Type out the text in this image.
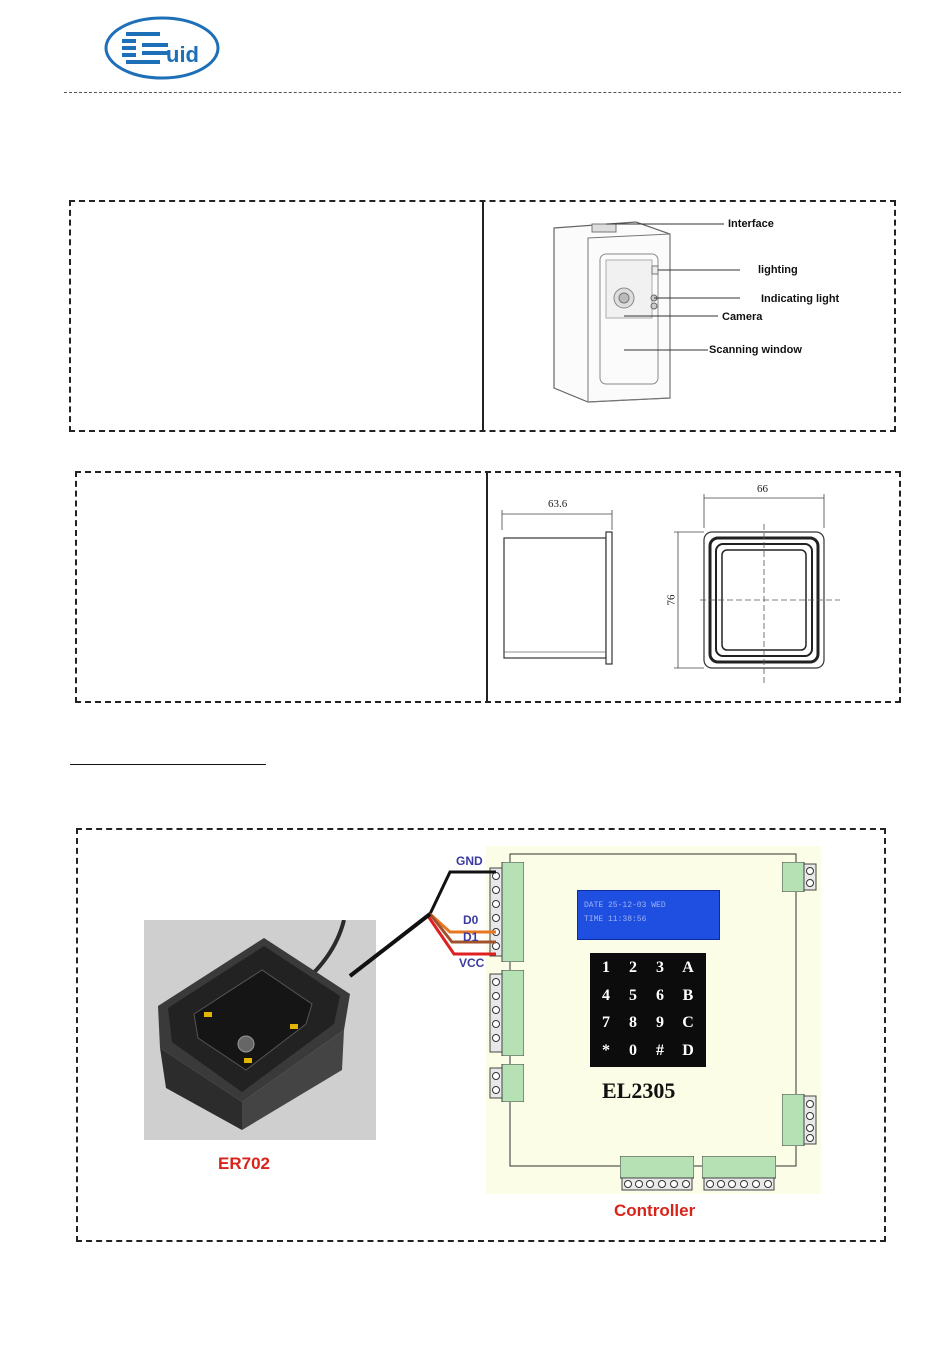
uid
Interface
lighting
Indicating light
Camera
Scanning window
63.6
66
76
ER702
DATE 25-12-03 WED
TIME 11:38:56
1	2	3	A
4	5	6	B
7	8	9	C
*	0	#	D
EL2305
Controller
GND
D0
D1
VCC
